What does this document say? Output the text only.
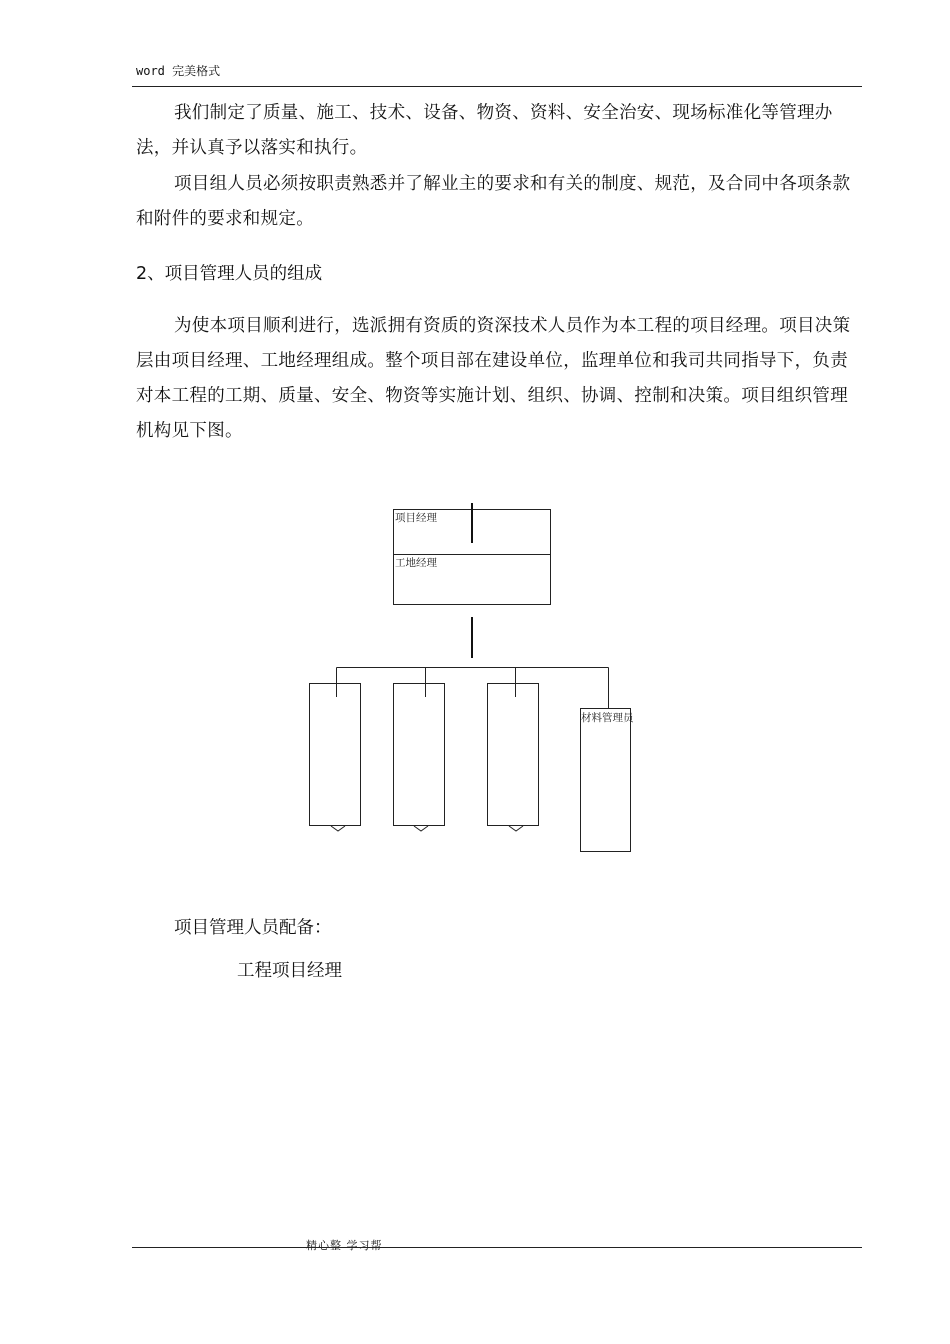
word 完美格式
我们制定了质量、施工、技术、设备、物资、资料、安全治安、现场标准化等管理办法，并认真予以落实和执行。
项目组人员必须按职责熟悉并了解业主的要求和有关的制度、规范，及合同中各项条款和附件的要求和规定。
2、项目管理人员的组成
为使本项目顺利进行，选派拥有资质的资深技术人员作为本工程的项目经理。项目决策层由项目经理、工地经理组成。整个项目部在建设单位，监理单位和我司共同指导下，负责对本工程的工期、质量、安全、物资等实施计划、组织、协调、控制和决策。项目组织管理机构见下图。
项目经理
工地经理
材料管理员
项目管理人员配备：
工程项目经理
精心整 学习帮
